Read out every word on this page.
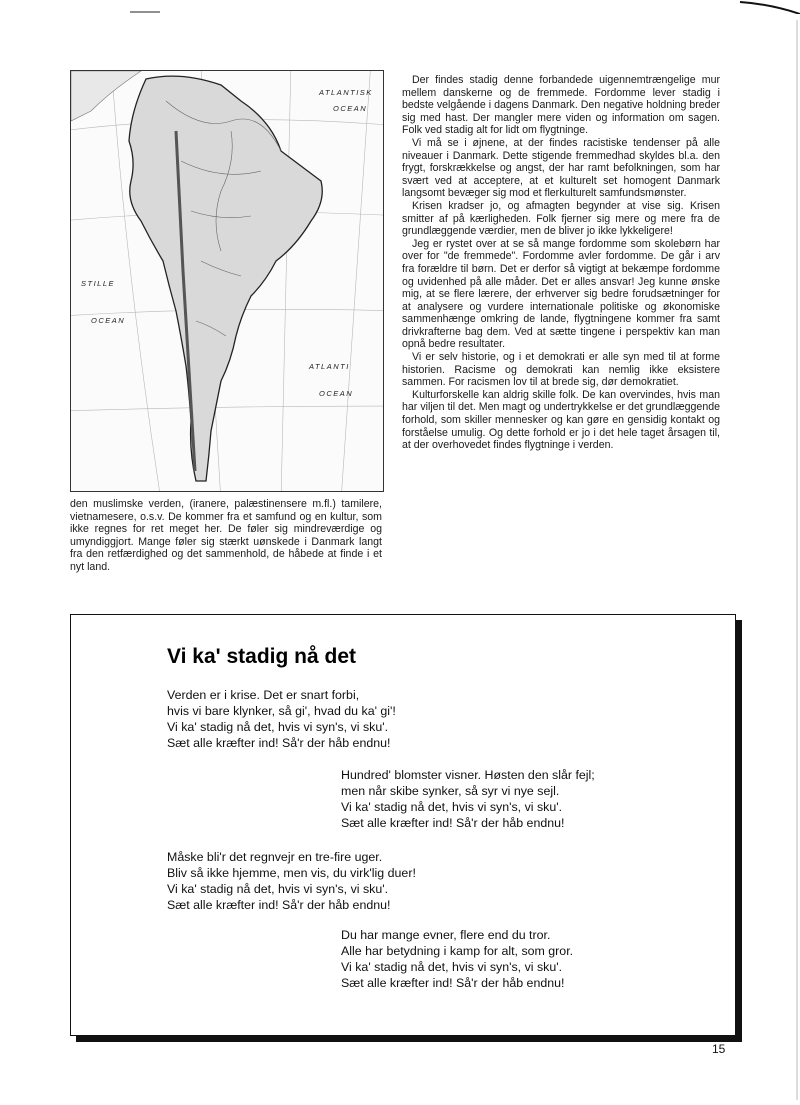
ATLANTISK
OCEAN
STILLE
OCEAN
ATLANTI
OCEAN

den muslimske verden, (iranere, palæstinensere m.fl.) tamilere, vietnamesere, o.s.v. De kommer fra et samfund og en kultur, som ikke regnes for ret meget her. De føler sig mindreværdige og umyndiggjort. Mange føler sig stærkt uønskede i Danmark langt fra den retfærdighed og det sammenhold, de håbede at finde i et nyt land.

Der findes stadig denne forbandede uigennemtrængelige mur mellem danskerne og de fremmede. Fordomme lever stadig i bedste velgående i dagens Danmark. Den negative holdning breder sig med hast. Der mangler mere viden og information om sagen. Folk ved stadig alt for lidt om flygtninge.

Vi må se i øjnene, at der findes racistiske tendenser på alle niveauer i Danmark. Dette stigende fremmedhad skyldes bl.a. den frygt, forskrækkelse og angst, der har ramt befolkningen, som har svært ved at acceptere, at et kulturelt set homogent Danmark langsomt bevæger sig mod et flerkulturelt samfundsmønster.

Krisen kradser jo, og afmagten begynder at vise sig. Krisen smitter af på kærligheden. Folk fjerner sig mere og mere fra de grundlæggende værdier, men de bliver jo ikke lykkeligere!

Jeg er rystet over at se så mange fordomme som skolebørn har over for "de fremmede". Fordomme avler fordomme. De går i arv fra forældre til børn. Det er derfor så vigtigt at bekæmpe fordomme og uvidenhed på alle måder. Det er alles ansvar! Jeg kunne ønske mig, at se flere lærere, der erhverver sig bedre forudsætninger for at analysere og vurdere internationale politiske og økonomiske sammenhænge omkring de lande, flygtningene kommer fra samt drivkrafterne bag dem. Ved at sætte tingene i perspektiv kan man opnå bedre resultater.

Vi er selv historie, og i et demokrati er alle syn med til at forme historien. Racisme og demokrati kan nemlig ikke eksistere sammen. For racismen lov til at brede sig, dør demokratiet.

Kulturforskelle kan aldrig skille folk. De kan overvindes, hvis man har viljen til det. Men magt og undertrykkelse er det grundlæggende forhold, som skiller mennesker og kan gøre en gensidig kontakt og forståelse umulig. Og dette forhold er jo i det hele taget årsagen til, at der overhovedet findes flygtninge i verden.

Vi ka' stadig nå det
Verden er i krise. Det er snart forbi,
hvis vi bare klynker, så gi', hvad du ka' gi'!
Vi ka' stadig nå det, hvis vi syn's, vi sku'.
Sæt alle kræfter ind! Så'r der håb endnu!
Hundred' blomster visner. Høsten den slår fejl;
men når skibe synker, så syr vi nye sejl.
Vi ka' stadig nå det, hvis vi syn's, vi sku'.
Sæt alle kræfter ind! Så'r der håb endnu!
Måske bli'r det regnvejr en tre-fire uger.
Bliv så ikke hjemme, men vis, du virk'lig duer!
Vi ka' stadig nå det, hvis vi syn's, vi sku'.
Sæt alle kræfter ind! Så'r der håb endnu!
Du har mange evner, flere end du tror.
Alle har betydning i kamp for alt, som gror.
Vi ka' stadig nå det, hvis vi syn's, vi sku'.
Sæt alle kræfter ind! Så'r der håb endnu!
15
